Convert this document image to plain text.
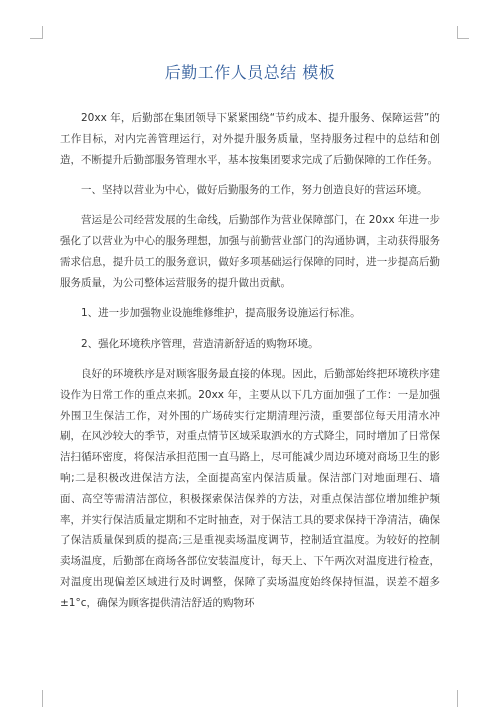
后勤工作人员总结 模板

20xx 年，后勤部在集团领导下紧紧围绕“节约成本、提升服务、保障运营”的工作目标，对内完善管理运行，对外提升服务质量，坚持服务过程中的总结和创造，不断提升后勤部服务管理水平，基本按集团要求完成了后勤保障的工作任务。

一、坚持以营业为中心，做好后勤服务的工作，努力创造良好的营运环境。

营运是公司经营发展的生命线，后勤部作为营业保障部门，在 20xx 年进一步强化了以营业为中心的服务理想，加强与前勤营业部门的沟通协调，主动获得服务需求信息，提升员工的服务意识，做好多项基础运行保障的同时，进一步提高后勤服务质量，为公司整体运营服务的提升做出贡献。

1、进一步加强物业设施维修维护，提高服务设施运行标准。

2、强化环境秩序管理，营造清新舒适的购物环境。

良好的环境秩序是对顾客服务最直接的体现。因此，后勤部始终把环境秩序建设作为日常工作的重点来抓。20xx 年，主要从以下几方面加强了工作：一是加强外围卫生保洁工作，对外围的广场砖实行定期清理污渍，重要部位每天用清水冲刷，在风沙较大的季节，对重点情节区域采取洒水的方式降尘，同时增加了日常保洁扫循环密度，将保洁承担范围一直马路上，尽可能减少周边环境对商场卫生的影响;二是积极改进保洁方法，全面提高室内保洁质量。保洁部门对地面理石、墙面、高空等需清洁部位，积极探索保洁保养的方法，对重点保洁部位增加维护频率，并实行保洁质量定期和不定时抽查，对于保洁工具的要求保持干净清洁，确保了保洁质量保到质的提高;三是重视卖场温度调节，控制适宜温度。为较好的控制卖场温度，后勤部在商场各部位安装温度计，每天上、下午两次对温度进行检查，对温度出现偏差区域进行及时调整，保障了卖场温度始终保持恒温，误差不超多±1°c，确保为顾客提供清洁舒适的购物环
